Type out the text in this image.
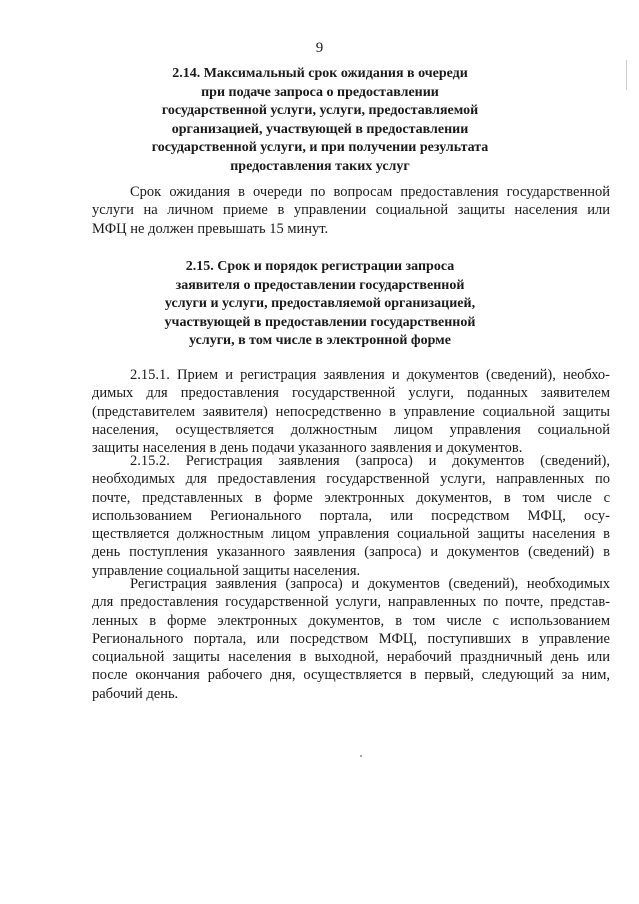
9
2.14. Максимальный срок ожидания в очереди
при подаче запроса о предоставлении
государственной услуги, услуги, предоставляемой
организацией, участвующей в предоставлении
государственной услуги, и при получении результата
предоставления таких услуг
Срок ожидания в очереди по вопросам предоставления государственной
услуги на личном приеме в управлении социальной защиты населения или
МФЦ не должен превышать 15 минут.
2.15. Срок и порядок регистрации запроса
заявителя о предоставлении государственной
услуги и услуги, предоставляемой организацией,
участвующей в предоставлении государственной
услуги, в том числе в электронной форме
2.15.1. Прием и регистрация заявления и документов (сведений), необхо-
димых для предоставления государственной услуги, поданных заявителем
(представителем заявителя) непосредственно в управление социальной защиты
населения, осуществляется должностным лицом управления социальной
защиты населения в день подачи указанного заявления и документов.
2.15.2. Регистрация заявления (запроса) и документов (сведений),
необходимых для предоставления государственной услуги, направленных по
почте, представленных в форме электронных документов, в том числе с
использованием Регионального портала, или посредством МФЦ, осу-
ществляется должностным лицом управления социальной защиты населения в
день поступления указанного заявления (запроса) и документов (сведений) в
управление социальной защиты населения.
Регистрация заявления (запроса) и документов (сведений), необходимых
для предоставления государственной услуги, направленных по почте, представ-
ленных в форме электронных документов, в том числе с использованием
Регионального портала, или посредством МФЦ, поступивших в управление
социальной защиты населения в выходной, нерабочий праздничный день или
после окончания рабочего дня, осуществляется в первый, следующий за ним,
рабочий день.
